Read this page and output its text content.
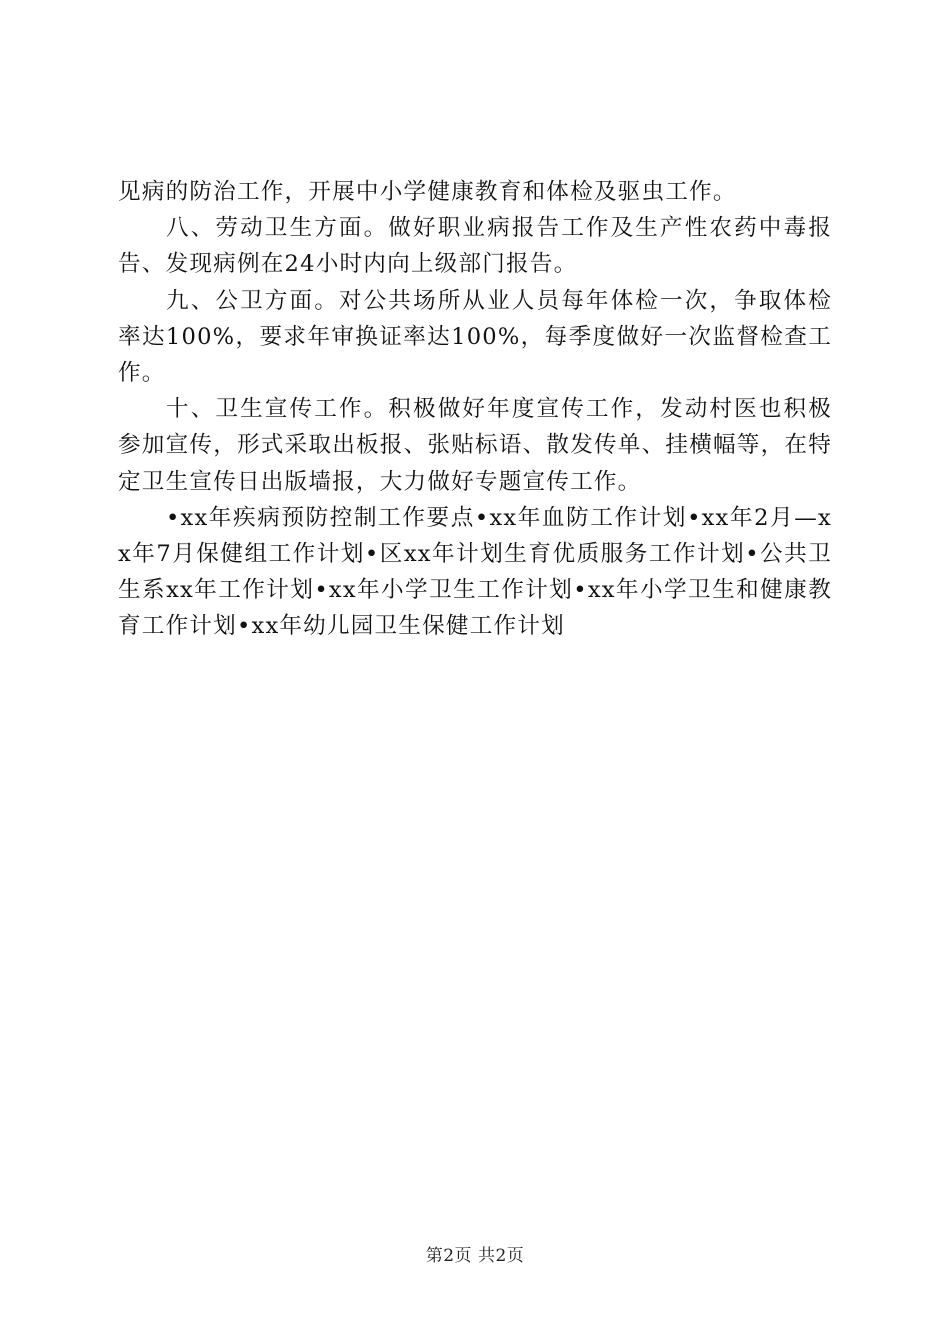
见病的防治工作，开展中小学健康教育和体检及驱虫工作。

八、劳动卫生方面。做好职业病报告工作及生产性农药中毒报告、发现病例在24小时内向上级部门报告。

九、公卫方面。对公共场所从业人员每年体检一次，争取体检率达100%，要求年审换证率达100%，每季度做好一次监督检查工作。

十、卫生宣传工作。积极做好年度宣传工作，发动村医也积极参加宣传，形式采取出板报、张贴标语、散发传单、挂横幅等，在特定卫生宣传日出版墙报，大力做好专题宣传工作。

•xx年疾病预防控制工作要点•xx年血防工作计划•xx年2月—xx年7月保健组工作计划•区xx年计划生育优质服务工作计划•公共卫生系xx年工作计划•xx年小学卫生工作计划•xx年小学卫生和健康教育工作计划•xx年幼儿园卫生保健工作计划

第2页 共2页
